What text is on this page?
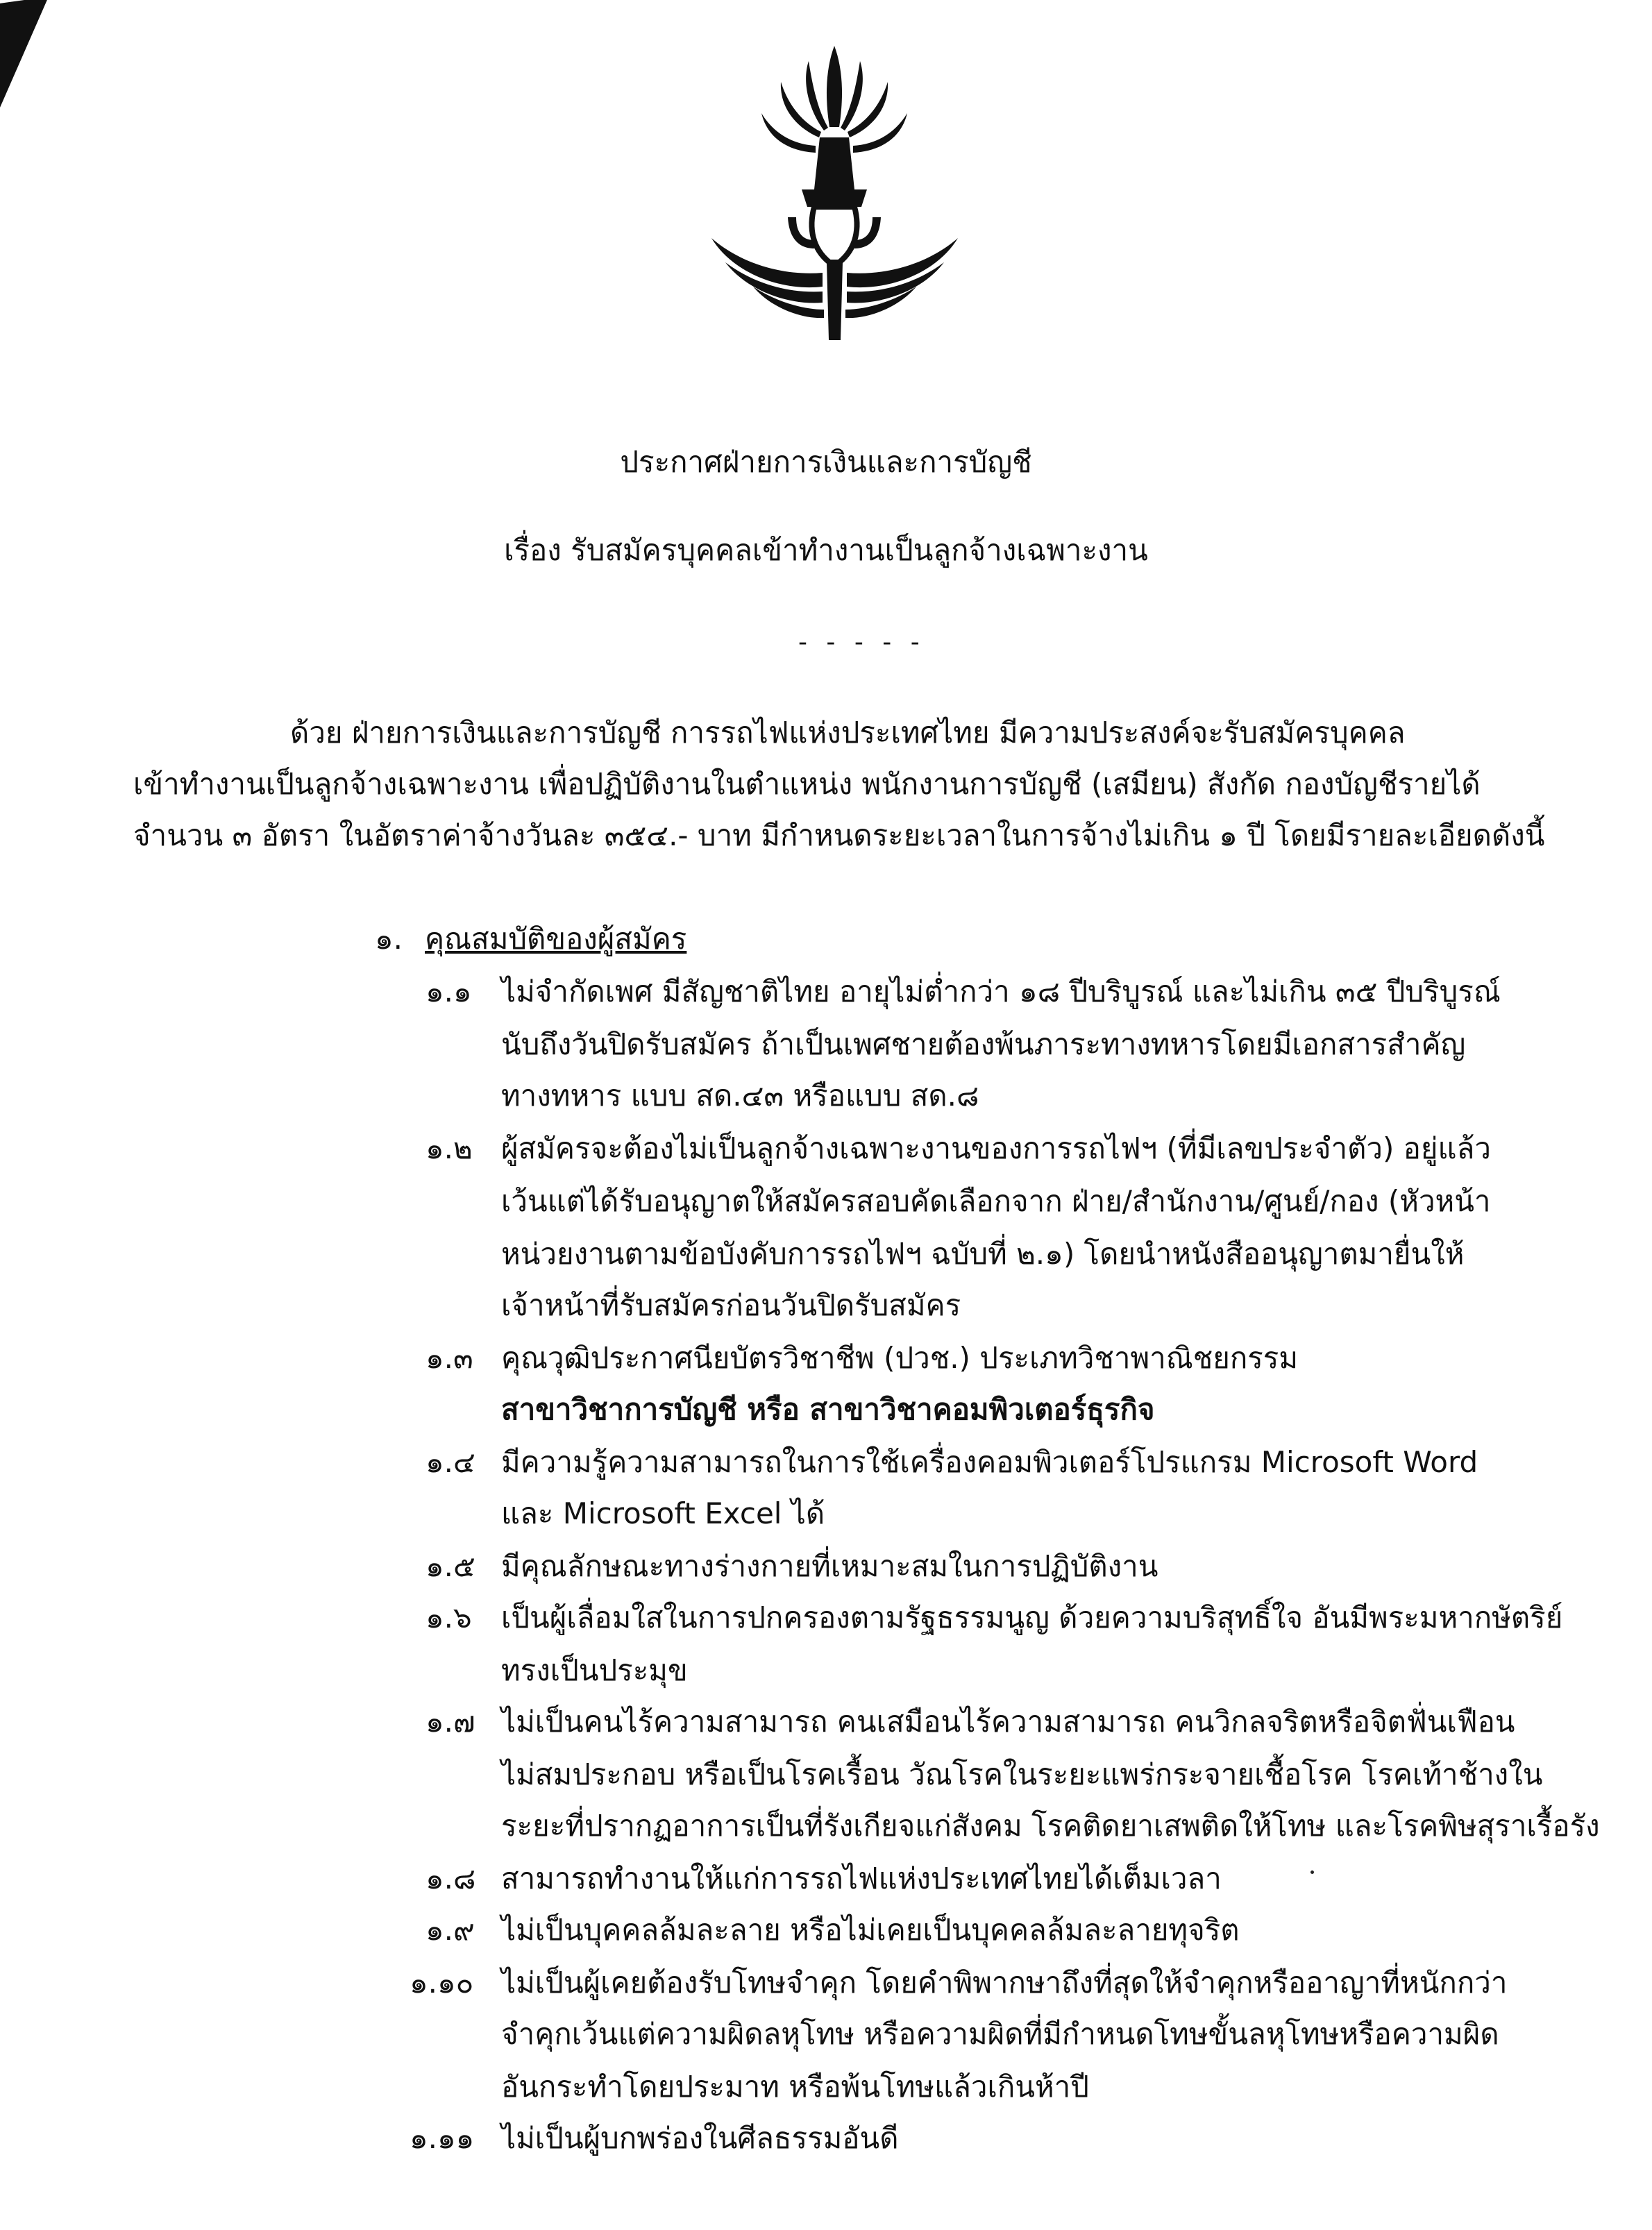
ประกาศฝ่ายการเงินและการบัญชี
เรื่อง รับสมัครบุคคลเข้าทำงานเป็นลูกจ้างเฉพาะงาน
- - - - -
ด้วย ฝ่ายการเงินและการบัญชี การรถไฟแห่งประเทศไทย มีความประสงค์จะรับสมัครบุคคล
เข้าทำงานเป็นลูกจ้างเฉพาะงาน เพื่อปฏิบัติงานในตำแหน่ง พนักงานการบัญชี (เสมียน) สังกัด กองบัญชีรายได้
จำนวน ๓ อัตรา ในอัตราค่าจ้างวันละ ๓๕๔.- บาท มีกำหนดระยะเวลาในการจ้างไม่เกิน ๑ ปี โดยมีรายละเอียดดังนี้
๑. คุณสมบัติของผู้สมัคร
๑.๑ ไม่จำกัดเพศ มีสัญชาติไทย อายุไม่ต่ำกว่า ๑๘ ปีบริบูรณ์ และไม่เกิน ๓๕ ปีบริบูรณ์
นับถึงวันปิดรับสมัคร ถ้าเป็นเพศชายต้องพ้นภาระทางทหารโดยมีเอกสารสำคัญ
ทางทหาร แบบ สด.๔๓ หรือแบบ สด.๘
๑.๒ ผู้สมัครจะต้องไม่เป็นลูกจ้างเฉพาะงานของการรถไฟฯ (ที่มีเลขประจำตัว) อยู่แล้ว
เว้นแต่ได้รับอนุญาตให้สมัครสอบคัดเลือกจาก ฝ่าย/สำนักงาน/ศูนย์/กอง (หัวหน้า
หน่วยงานตามข้อบังคับการรถไฟฯ ฉบับที่ ๒.๑) โดยนำหนังสืออนุญาตมายื่นให้
เจ้าหน้าที่รับสมัครก่อนวันปิดรับสมัคร
๑.๓ คุณวุฒิประกาศนียบัตรวิชาชีพ (ปวช.) ประเภทวิชาพาณิชยกรรม
สาขาวิชาการบัญชี หรือ สาขาวิชาคอมพิวเตอร์ธุรกิจ
๑.๔ มีความรู้ความสามารถในการใช้เครื่องคอมพิวเตอร์โปรแกรม Microsoft Word
และ Microsoft Excel ได้
๑.๕ มีคุณลักษณะทางร่างกายที่เหมาะสมในการปฏิบัติงาน
๑.๖ เป็นผู้เลื่อมใสในการปกครองตามรัฐธรรมนูญ ด้วยความบริสุทธิ์ใจ อันมีพระมหากษัตริย์
ทรงเป็นประมุข
๑.๗ ไม่เป็นคนไร้ความสามารถ คนเสมือนไร้ความสามารถ คนวิกลจริตหรือจิตฟั่นเฟือน
ไม่สมประกอบ หรือเป็นโรคเรื้อน วัณโรคในระยะแพร่กระจายเชื้อโรค โรคเท้าช้างใน
ระยะที่ปรากฏอาการเป็นที่รังเกียจแก่สังคม โรคติดยาเสพติดให้โทษ และโรคพิษสุราเรื้อรัง
๑.๘ สามารถทำงานให้แก่การรถไฟแห่งประเทศไทยได้เต็มเวลา
๑.๙ ไม่เป็นบุคคลล้มละลาย หรือไม่เคยเป็นบุคคลล้มละลายทุจริต
๑.๑๐ ไม่เป็นผู้เคยต้องรับโทษจำคุก โดยคำพิพากษาถึงที่สุดให้จำคุกหรืออาญาที่หนักกว่า
จำคุกเว้นแต่ความผิดลหุโทษ หรือความผิดที่มีกำหนดโทษขั้นลหุโทษหรือความผิด
อันกระทำโดยประมาท หรือพ้นโทษแล้วเกินห้าปี
๑.๑๑ ไม่เป็นผู้บกพร่องในศีลธรรมอันดี
